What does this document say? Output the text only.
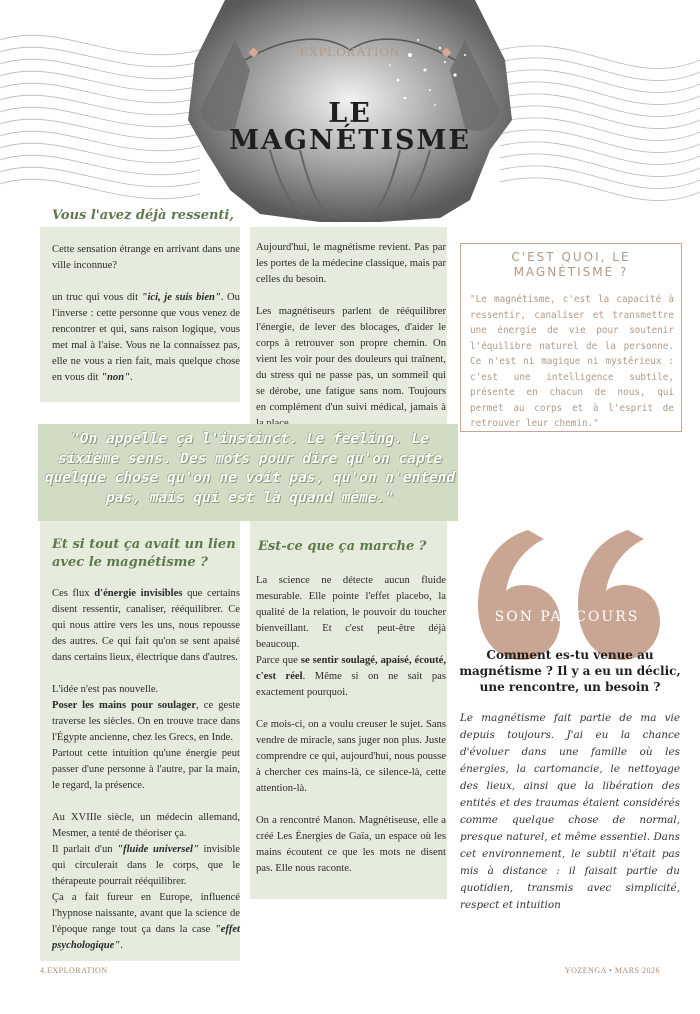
EXPLORATION
LE
MAGNÉTISME
Vous l'avez déjà ressenti,

Cette sensation étrange en arrivant dans une ville inconnue?

un truc qui vous dit "ici, je suis bien". Ou l'inverse : cette personne que vous venez de rencontrer et qui, sans raison logique, vous met mal à l'aise. Vous ne la connaissez pas, elle ne vous a rien fait, mais quelque chose en vous dit "non".

Aujourd'hui, le magnétisme revient. Pas par les portes de la médecine classique, mais par celles du besoin.

Les magnétiseurs parlent de rééquilibrer l'énergie, de lever des blocages, d'aider le corps à retrouver son propre chemin. On vient les voir pour des douleurs qui traînent, du stress qui ne passe pas, un sommeil qui se dérobe, une fatigue sans nom. Toujours en complément d'un suivi médical, jamais à

C'EST QUOI, LE MAGNÉTISME ?
"Le magnétisme, c'est la capacité à ressentir, canaliser et transmettre une énergie de vie pour soutenir l'équilibre naturel de la personne. Ce n'est ni magique ni mystérieux : c'est une intelligence subtile, présente en chacun de nous, qui permet au corps et à l'esprit de retrouver leur chemin."
"On appelle ça l'instinct. Le feeling. Le sixième sens. Des mots pour dire qu'on capte quelque chose qu'on ne voit pas, qu'on n'entend pas, mais qui est là quand même."
Et si tout ça avait un lien avec le magnétisme ?

Ces flux d'énergie invisibles que certains disent ressentir, canaliser, rééquilibrer. Ce qui nous attire vers les uns, nous repousse des autres. Ce qui fait qu'on se sent apaisé dans certains lieux, électrique dans d'autres.

L'idée n'est pas nouvelle.

Poser les mains pour soulager, ce geste traverse les siècles. On en trouve trace dans l'Égypte ancienne, chez les Grecs, en Inde.

Partout cette intuition qu'une énergie peut passer d'une personne à l'autre, par la main, le regard, la présence.

Au XVIIIe siècle, un médecin allemand, Mesmer, a tenté de théoriser ça.

Il parlait d'un "fluide universel" invisible qui circulerait dans le corps, que le thérapeute pourrait rééquilibrer.

Ça a fait fureur en Europe, influencé l'hypnose naissante, avant que la science de l'époque range tout ça dans la case "effet psychologique".

Est-ce que ça marche ?

La science ne détecte aucun fluide mesurable. Elle pointe l'effet placebo, la qualité de la relation, le pouvoir du toucher bienveillant. Et c'est peut-être déjà beaucoup.

Parce que se sentir soulagé, apaisé, écouté, c'est réel. Même si on ne sait pas exactement pourquoi.

Ce mois-ci, on a voulu creuser le sujet. Sans vendre de miracle, sans juger non plus. Juste comprendre ce qui, aujourd'hui, nous pousse à chercher ces mains-là, ce silence-là, cette attention-là.

On a rencontré Manon. Magnétiseuse, elle a créé Les Énergies de Gaïa, un espace où les mains écoutent ce que les mots ne disent pas. Elle nous raconte.

SON PARCOURS
Comment es-tu venue au magnétisme ? Il y a eu un déclic, une rencontre, un besoin ?
Le magnétisme fait partie de ma vie depuis toujours. J'ai eu la chance d'évoluer dans une famille où les énergies, la cartomancie, le nettoyage des lieux, ainsi que la libération des entités et des traumas étaient considérés comme quelque chose de normal, presque naturel, et même essentiel. Dans cet environnement, le subtil n'était pas mis à distance : il faisait partie du quotidien, transmis avec simplicité, respect et intuition
4.EXPLORATION	YOZENGA • MARS 2026
